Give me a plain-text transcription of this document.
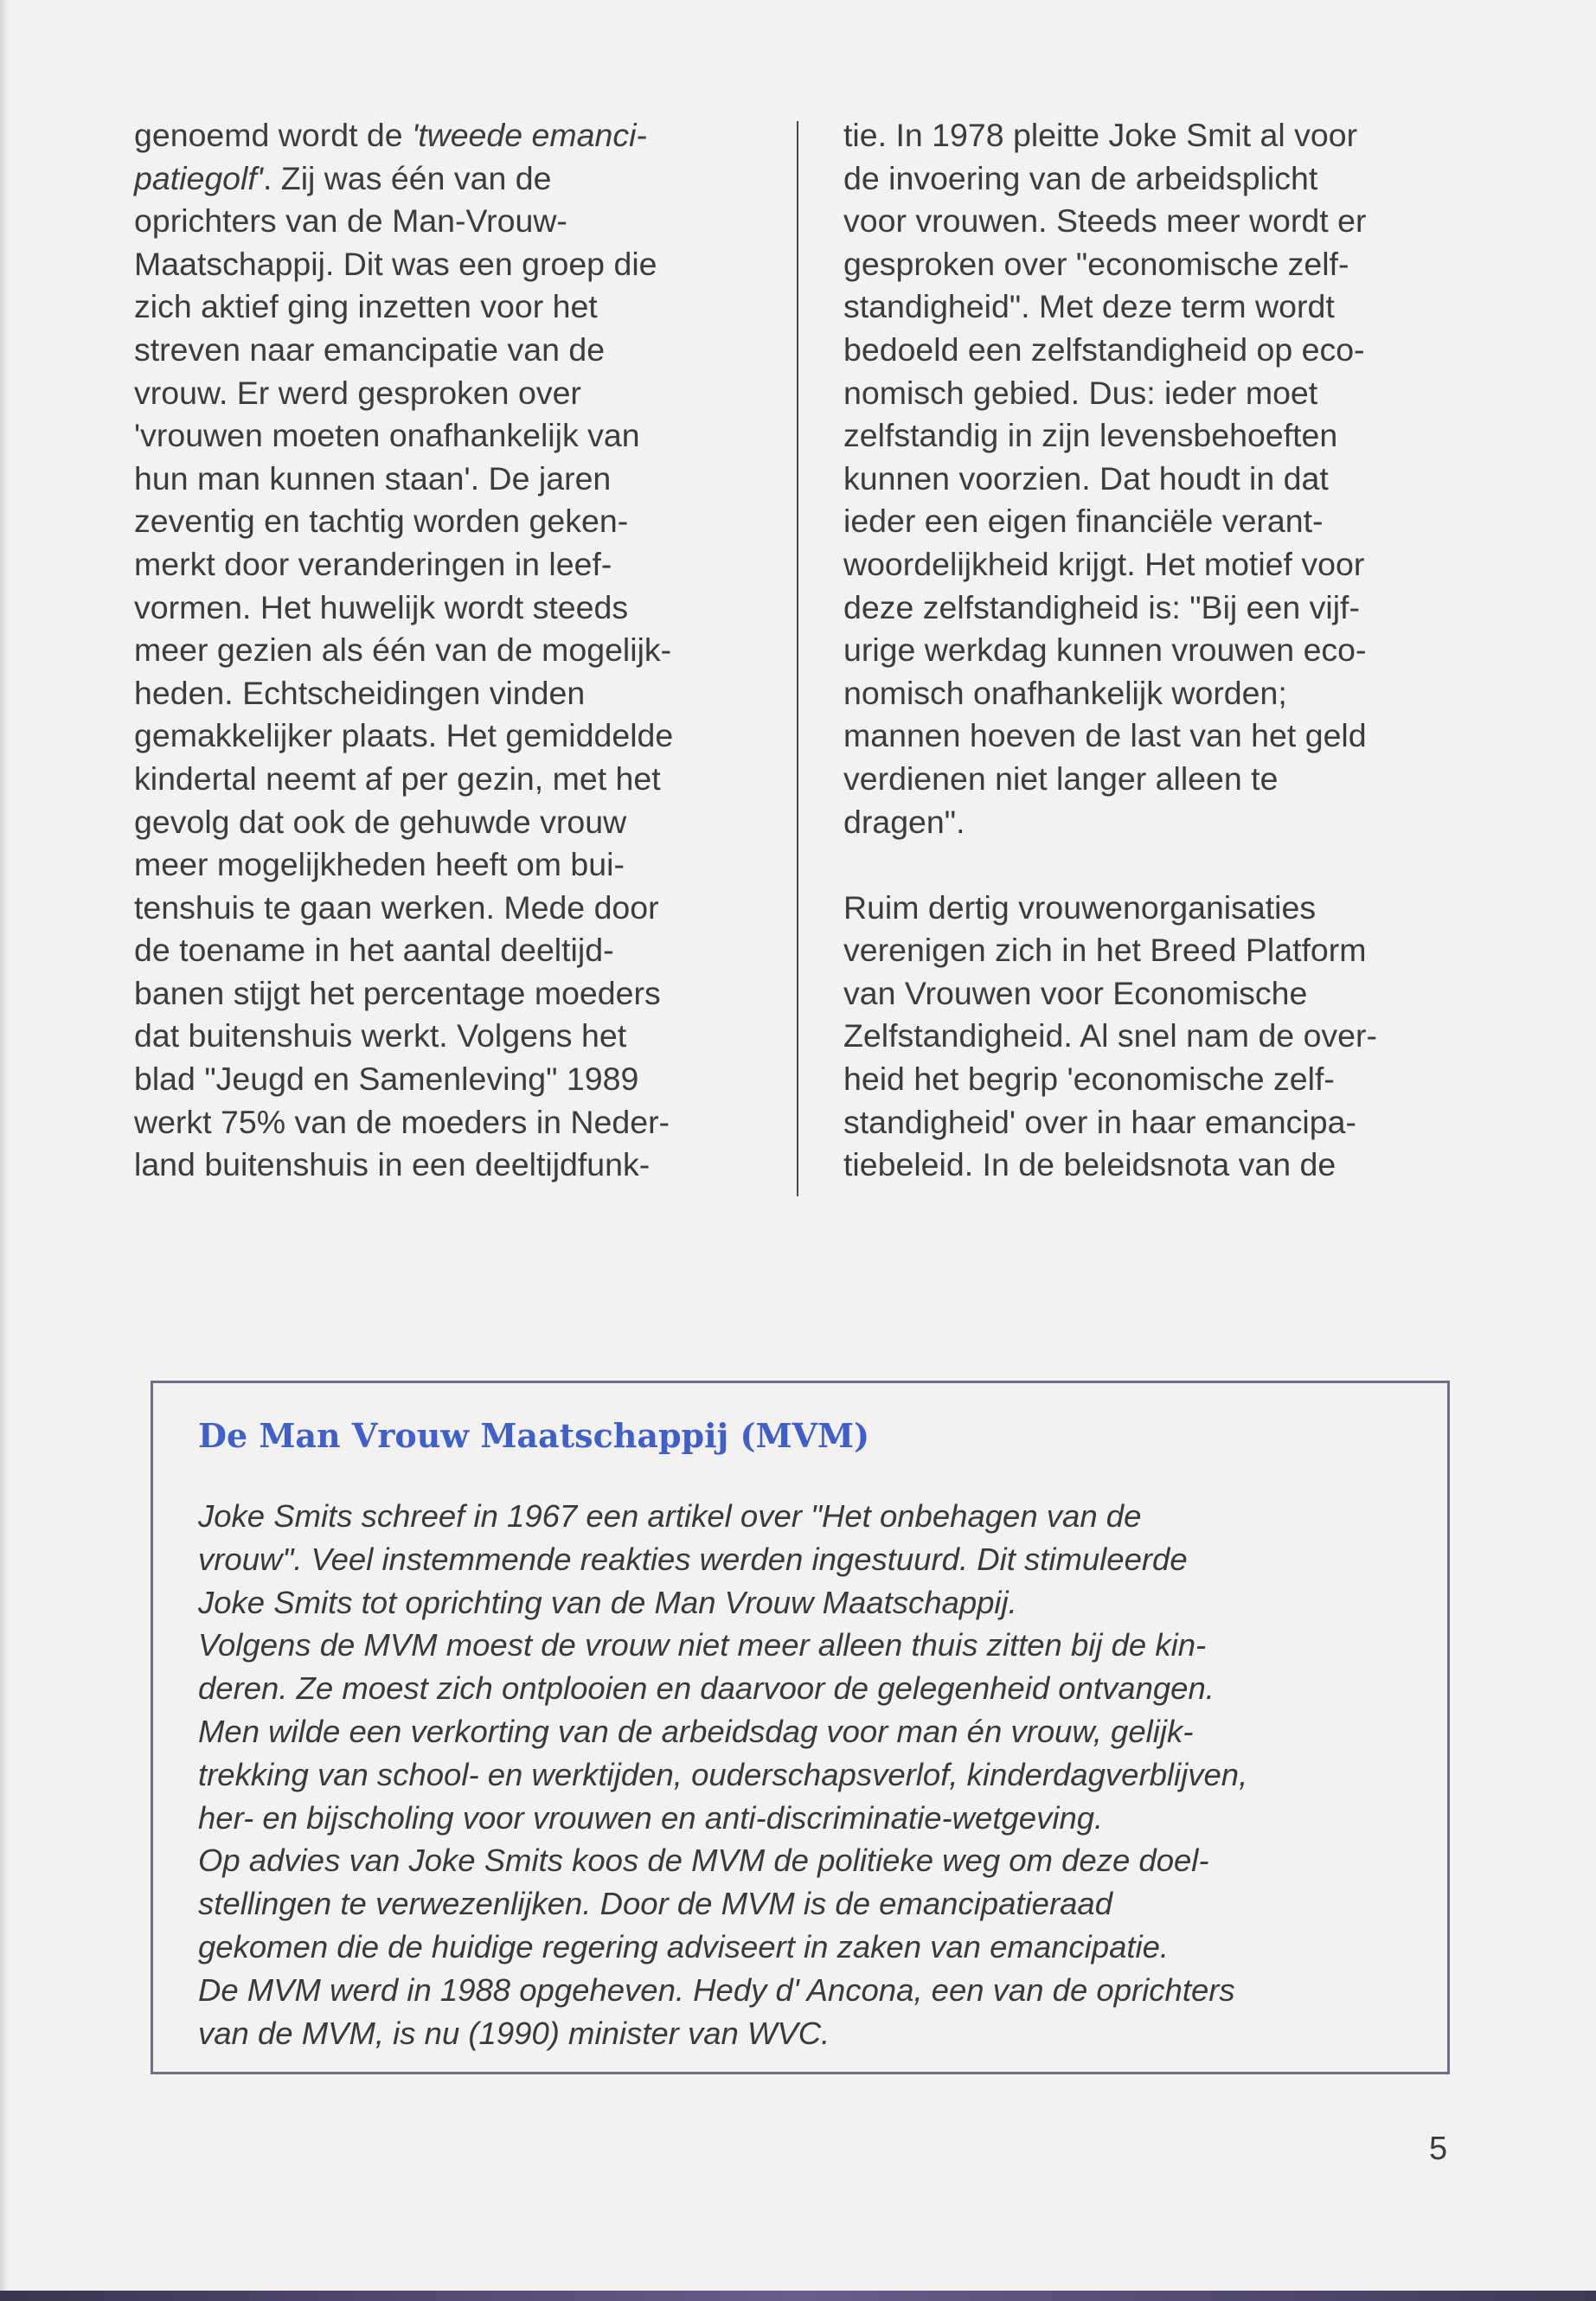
genoemd wordt de 'tweede emanci-
patiegolf'. Zij was één van de
oprichters van de Man-Vrouw-
Maatschappij. Dit was een groep die
zich aktief ging inzetten voor het
streven naar emancipatie van de
vrouw. Er werd gesproken over
'vrouwen moeten onafhankelijk van
hun man kunnen staan'. De jaren
zeventig en tachtig worden geken-
merkt door veranderingen in leef-
vormen. Het huwelijk wordt steeds
meer gezien als één van de mogelijk-
heden. Echtscheidingen vinden
gemakkelijker plaats. Het gemiddelde
kindertal neemt af per gezin, met het
gevolg dat ook de gehuwde vrouw
meer mogelijkheden heeft om bui-
tenshuis te gaan werken. Mede door
de toename in het aantal deeltijd-
banen stijgt het percentage moeders
dat buitenshuis werkt. Volgens het
blad "Jeugd en Samenleving" 1989
werkt 75% van de moeders in Neder-
land buitenshuis in een deeltijdfunk-
tie. In 1978 pleitte Joke Smit al voor
de invoering van de arbeidsplicht
voor vrouwen. Steeds meer wordt er
gesproken over "economische zelf-
standigheid". Met deze term wordt
bedoeld een zelfstandigheid op eco-
nomisch gebied. Dus: ieder moet
zelfstandig in zijn levensbehoeften
kunnen voorzien. Dat houdt in dat
ieder een eigen financiële verant-
woordelijkheid krijgt. Het motief voor
deze zelfstandigheid is: "Bij een vijf-
urige werkdag kunnen vrouwen eco-
nomisch onafhankelijk worden;
mannen hoeven de last van het geld
verdienen niet langer alleen te
dragen".
Ruim dertig vrouwenorganisaties
verenigen zich in het Breed Platform
van Vrouwen voor Economische
Zelfstandigheid. Al snel nam de over-
heid het begrip 'economische zelf-
standigheid' over in haar emancipa-
tiebeleid. In de beleidsnota van de
De Man Vrouw Maatschappij (MVM)
Joke Smits schreef in 1967 een artikel over "Het onbehagen van de
vrouw". Veel instemmende reakties werden ingestuurd. Dit stimuleerde
Joke Smits tot oprichting van de Man Vrouw Maatschappij.
Volgens de MVM moest de vrouw niet meer alleen thuis zitten bij de kin-
deren. Ze moest zich ontplooien en daarvoor de gelegenheid ontvangen.
Men wilde een verkorting van de arbeidsdag voor man én vrouw, gelijk-
trekking van school- en werktijden, ouderschapsverlof, kinderdagverblijven,
her- en bijscholing voor vrouwen en anti-discriminatie-wetgeving.
Op advies van Joke Smits koos de MVM de politieke weg om deze doel-
stellingen te verwezenlijken. Door de MVM is de emancipatieraad
gekomen die de huidige regering adviseert in zaken van emancipatie.
De MVM werd in 1988 opgeheven. Hedy d' Ancona, een van de oprichters
van de MVM, is nu (1990) minister van WVC.
5
